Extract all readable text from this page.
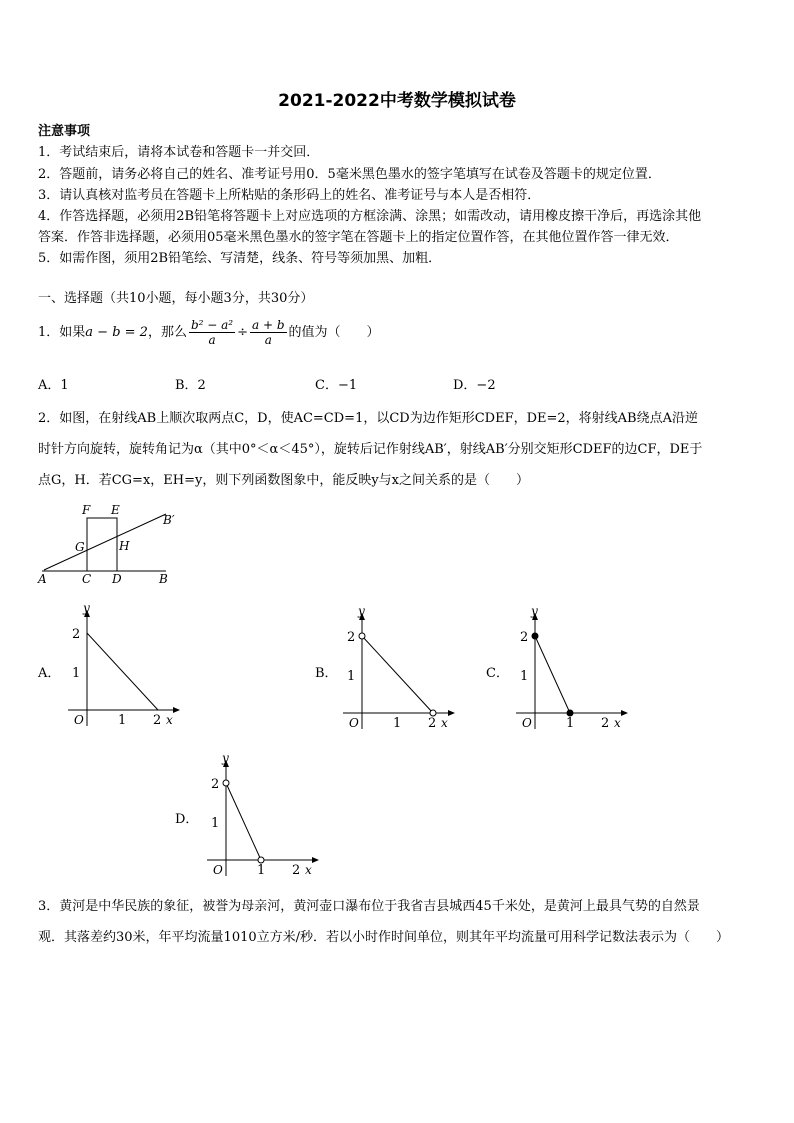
2021-2022中考数学模拟试卷
注意事项
1．考试结束后，请将本试卷和答题卡一并交回．
2．答题前，请务必将自己的姓名、准考证号用0．5毫米黑色墨水的签字笔填写在试卷及答题卡的规定位置．
3．请认真核对监考员在答题卡上所粘贴的条形码上的姓名、准考证号与本人是否相符．
4．作答选择题，必须用2B铅笔将答题卡上对应选项的方框涂满、涂黑；如需改动，请用橡皮擦干净后，再选涂其他
答案．作答非选择题，必须用05毫米黑色墨水的签字笔在答题卡上的指定位置作答，在其他位置作答一律无效．
5．如需作图，须用2B铅笔绘、写清楚，线条、符号等须加黑、加粗．
一、选择题（共10小题，每小题3分，共30分）
1．如果a − b = 2，那么 $\frac{\text{b² − a²}}{a} \div \frac{a + b}{a}$ 的值为（　　）
A．1	B．2	C．−1	D．−2
2．如图，在射线AB上顺次取两点C，D，使AC=CD=1，以CD为边作矩形CDEF，DE=2，将射线AB绕点A沿逆
时针方向旋转，旋转角记为α（其中0°＜α＜45°），旋转后记作射线AB′，射线AB′分别交矩形CDEF的边CF，DE于
点G，H．若CG=x，EH=y，则下列函数图象中，能反映y与x之间关系的是（　　）
F E
B′
G	H
A	C D	B
A．
y
x
O
2
1
1 2
B．
y
x
O
2
1
1 2
C．
y
x
O
2
1
1 2
D．
y
x
O
2
1
1 2
3．黄河是中华民族的象征，被誉为母亲河，黄河壶口瀑布位于我省吉县城西45千米处，是黄河上最具气势的自然景
观．其落差约30米，年平均流量1010立方米/秒．若以小时作时间单位，则其年平均流量可用科学记数法表示为（　　）
